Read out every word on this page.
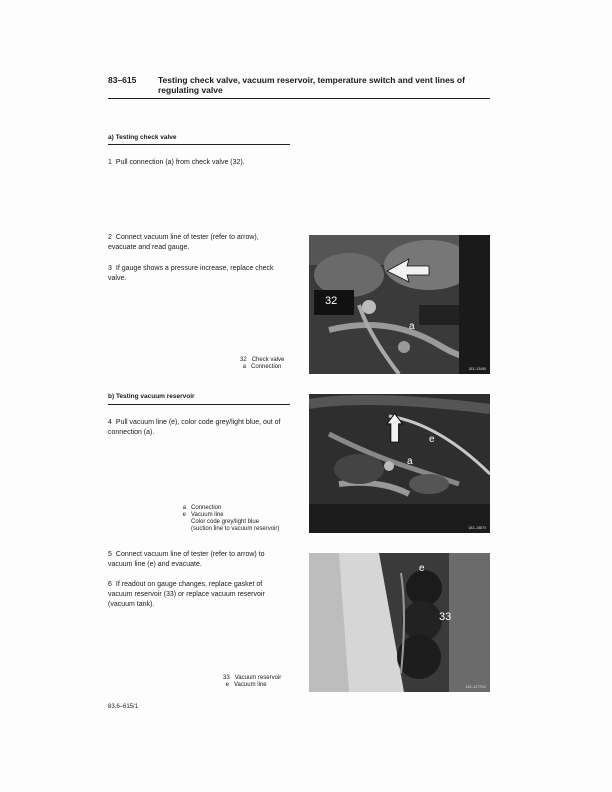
83–615	Testing check valve, vacuum reservoir, temperature switch and vent lines of regulating valve
a) Testing check valve
1 Pull connection (a) from check valve (32).
2 Connect vacuum line of tester (refer to arrow), evacuate and read gauge.
3 If gauge shows a pressure increase, replace check valve.
32 Check valve
a Connection
32
a
183–13485
b) Testing vacuum reservoir
4 Pull vacuum line (e), color code grey/light blue, out of connection (a).
a Connection
e Vacuum line
Color code grey/light blue
(suction line to vacuum reservoir)
e
a
182–15870
5 Connect vacuum line of tester (refer to arrow) to vacuum line (e) and evacuate.
6 If readout on gauge changes, replace gasket of vacuum reservoir (33) or replace vacuum reservoir (vacuum tank).
33 Vacuum reservoir
e Vacuum line
e
33
182–12770/2
83.6–615/1
